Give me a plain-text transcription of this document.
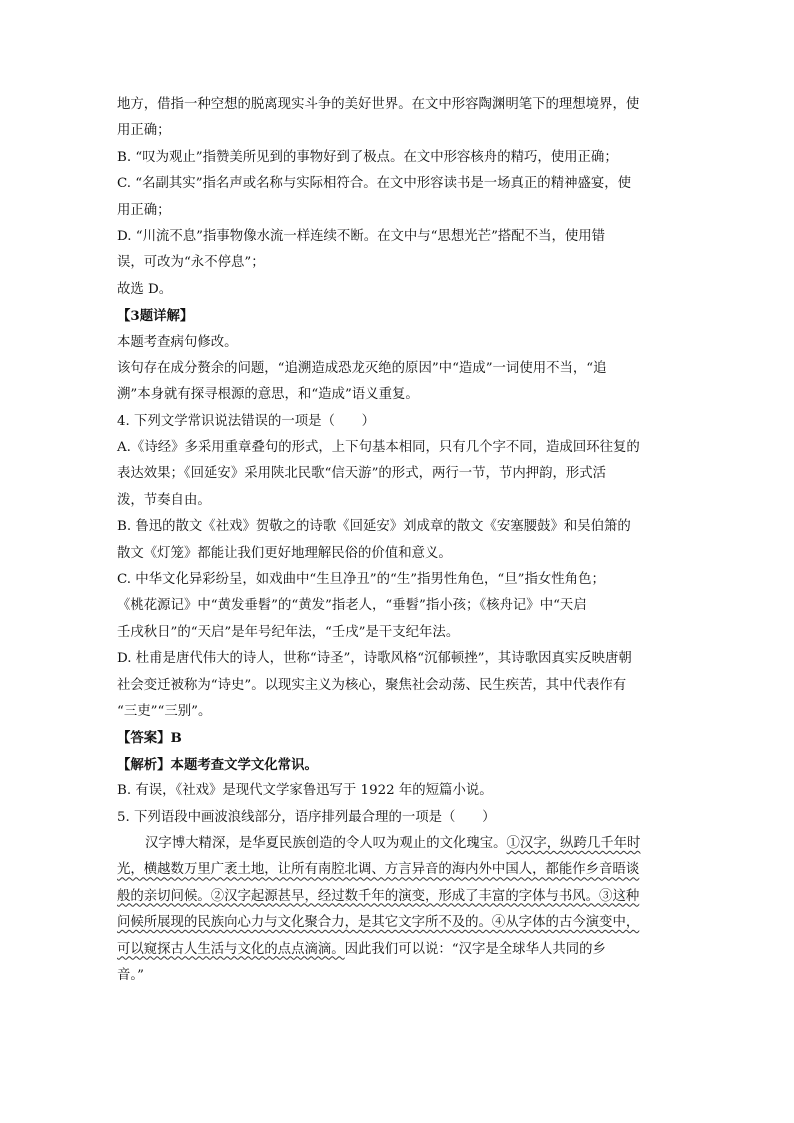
地方，借指一种空想的脱离现实斗争的美好世界。在文中形容陶渊明笔下的理想境界，使
用正确；
B. “叹为观止”指赞美所见到的事物好到了极点。在文中形容核舟的精巧，使用正确；
C. “名副其实”指名声或名称与实际相符合。在文中形容读书是一场真正的精神盛宴，使
用正确；
D. “川流不息”指事物像水流一样连续不断。在文中与“思想光芒”搭配不当，使用错
误，可改为“永不停息”；
故选 D。
【3题详解】
本题考查病句修改。
该句存在成分赘余的问题，“追溯造成恐龙灭绝的原因”中“造成”一词使用不当，“追
溯”本身就有探寻根源的意思，和“造成”语义重复。
4. 下列文学常识说法错误的一项是（　　）
A.《诗经》多采用重章叠句的形式，上下句基本相同，只有几个字不同，造成回环往复的
表达效果；《回延安》采用陕北民歌“信天游”的形式，两行一节，节内押韵，形式活
泼，节奏自由。
B. 鲁迅的散文《社戏》贺敬之的诗歌《回延安》刘成章的散文《安塞腰鼓》和吴伯箫的
散文《灯笼》都能让我们更好地理解民俗的价值和意义。
C. 中华文化异彩纷呈，如戏曲中“生旦净丑”的“生”指男性角色，“旦”指女性角色；
《桃花源记》中“黄发垂髫”的“黄发”指老人，“垂髫”指小孩；《核舟记》中“天启
壬戌秋日”的“天启”是年号纪年法，“壬戌”是干支纪年法。
D. 杜甫是唐代伟大的诗人，世称“诗圣”，诗歌风格“沉郁顿挫”，其诗歌因真实反映唐朝
社会变迁被称为“诗史”。以现实主义为核心，聚焦社会动荡、民生疾苦，其中代表作有
“三吏”“三别”。
【答案】B
【解析】本题考查文学文化常识。
B. 有误，《社戏》是现代文学家鲁迅写于 1922 年的短篇小说。
5. 下列语段中画波浪线部分，语序排列最合理的一项是（　　）
汉字博大精深，是华夏民族创造的令人叹为观止的文化瑰宝。①汉字，纵跨几千年时
光，横越数万里广袤土地，让所有南腔北调、方言异音的海内外中国人，都能作乡音晤谈
般的亲切问候。②汉字起源甚早，经过数千年的演变，形成了丰富的字体与书风。③这种
问候所展现的民族向心力与文化聚合力，是其它文字所不及的。④从字体的古今演变中，
可以窥探古人生活与文化的点点滴滴。因此我们可以说：“汉字是全球华人共同的乡
音。”
